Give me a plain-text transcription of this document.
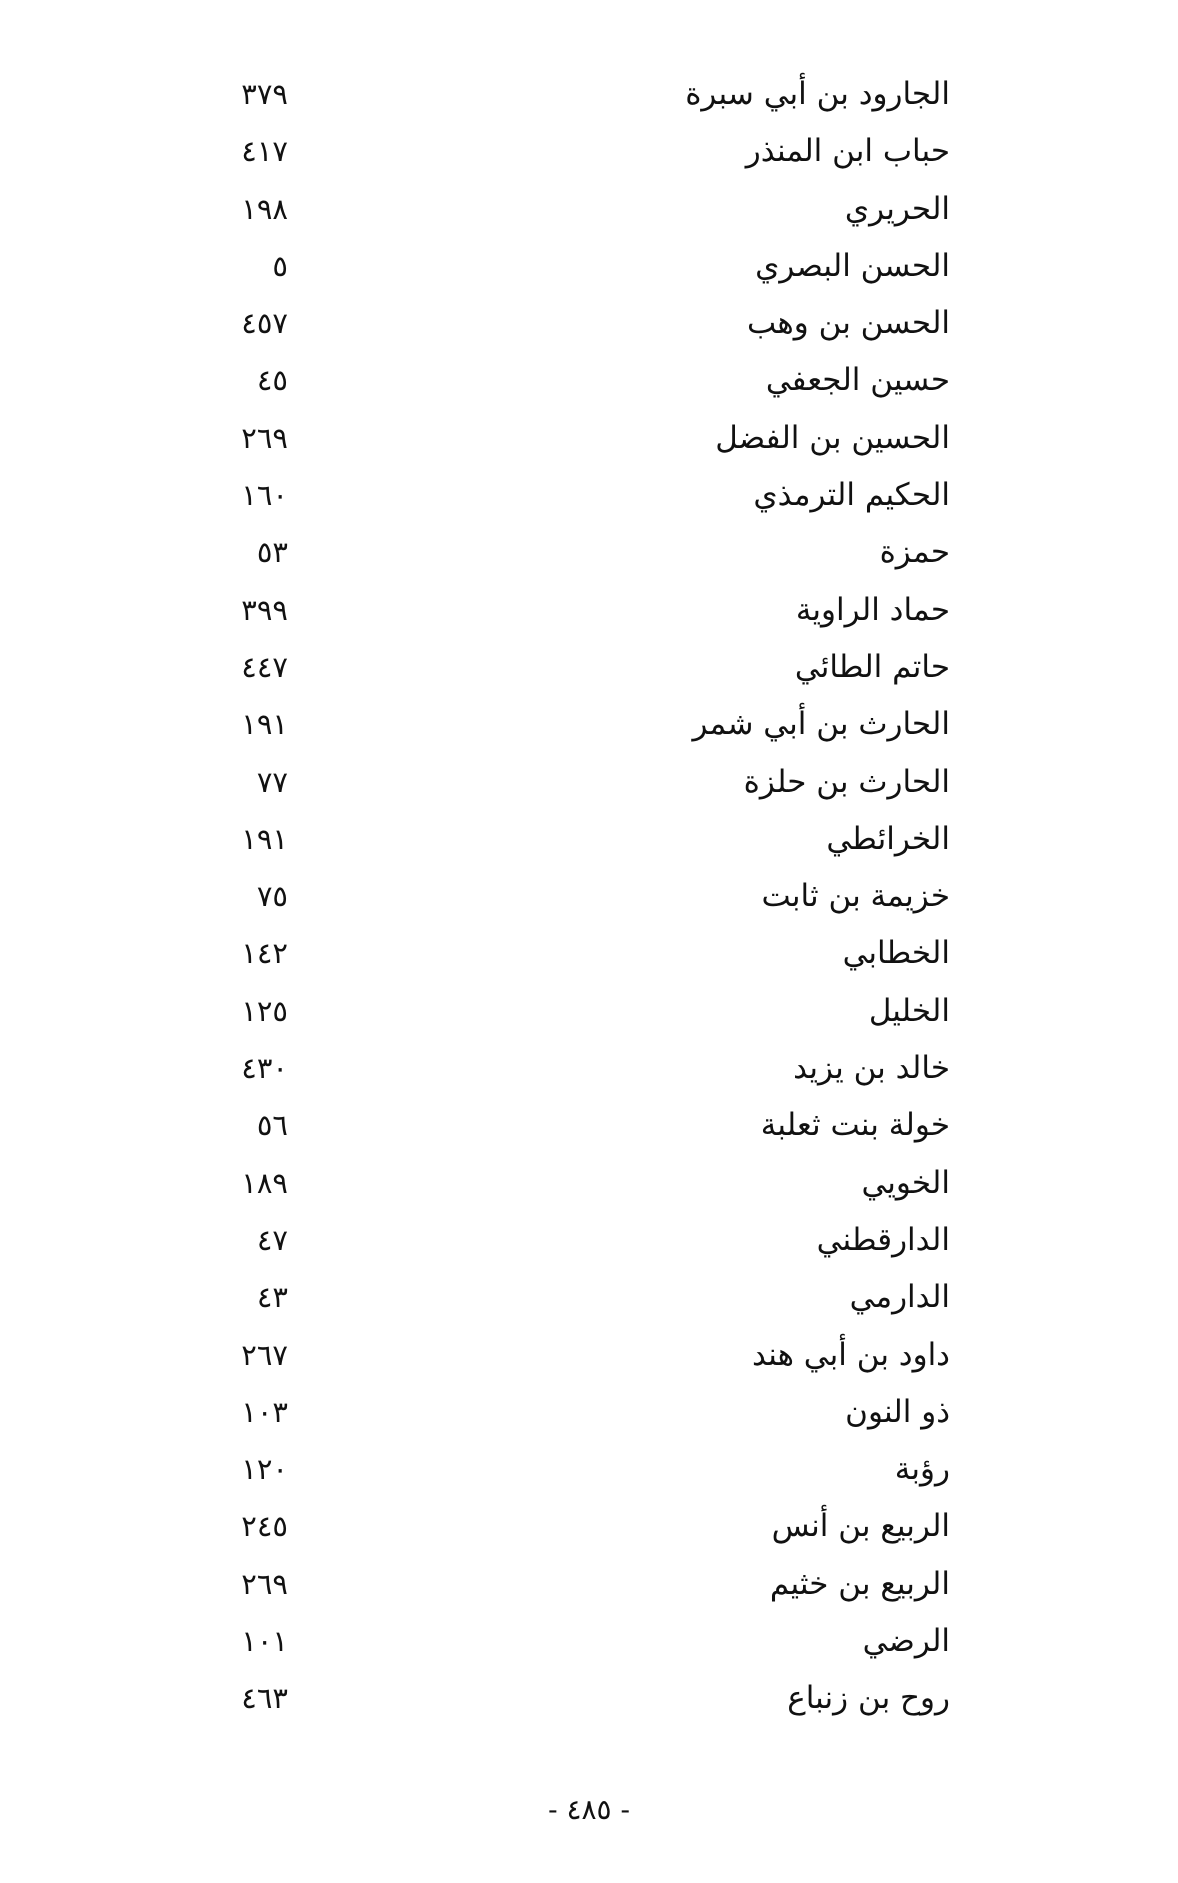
الجارود بن أبي سبرة
٣٧٩
حباب ابن المنذر
٤١٧
الحريري
١٩٨
الحسن البصري
٥
الحسن بن وهب
٤٥٧
حسين الجعفي
٤٥
الحسين بن الفضل
٢٦٩
الحكيم الترمذي
١٦٠
حمزة
٥٣
حماد الراوية
٣٩٩
حاتم الطائي
٤٤٧
الحارث بن أبي شمر
١٩١
الحارث بن حلزة
٧٧
الخرائطي
١٩١
خزيمة بن ثابت
٧٥
الخطابي
١٤٢
الخليل
١٢٥
خالد بن يزيد
٤٣٠
خولة بنت ثعلبة
٥٦
الخويي
١٨٩
الدارقطني
٤٧
الدارمي
٤٣
داود بن أبي هند
٢٦٧
ذو النون
١٠٣
رؤبة
١٢٠
الربيع بن أنس
٢٤٥
الربيع بن خثيم
٢٦٩
الرضي
١٠١
روح بن زنباع
٤٦٣
- ٤٨٥ -
